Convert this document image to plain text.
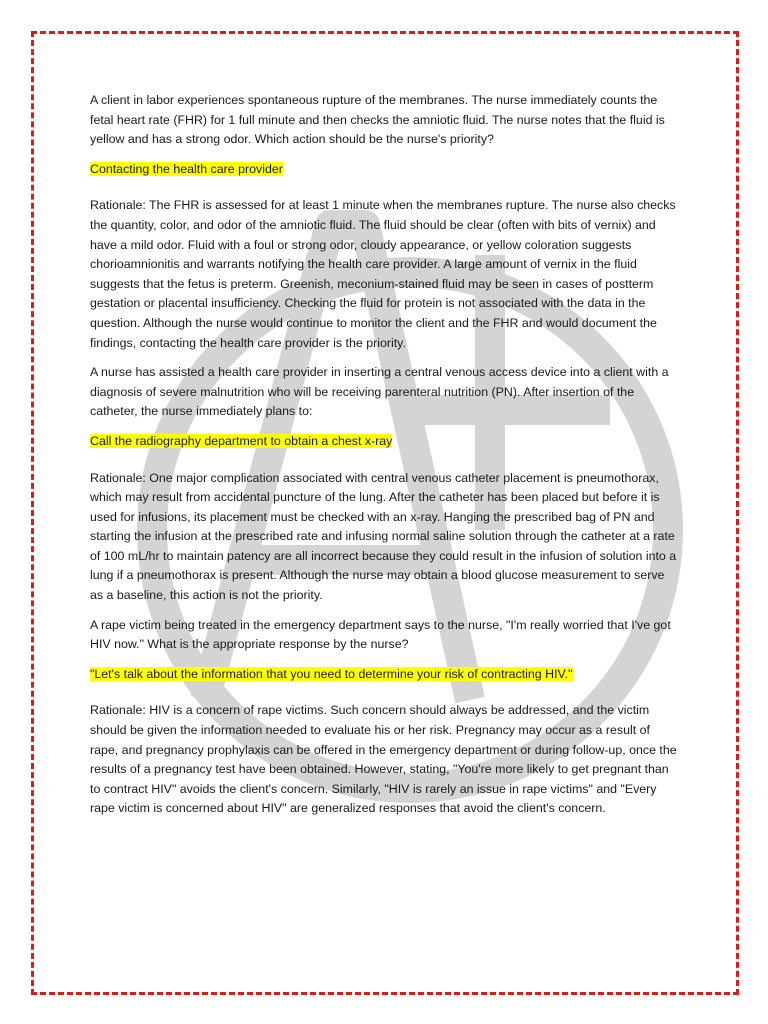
A client in labor experiences spontaneous rupture of the membranes. The nurse immediately counts the fetal heart rate (FHR) for 1 full minute and then checks the amniotic fluid. The nurse notes that the fluid is yellow and has a strong odor. Which action should be the nurse's priority?

Contacting the health care provider

Rationale: The FHR is assessed for at least 1 minute when the membranes rupture. The nurse also checks the quantity, color, and odor of the amniotic fluid. The fluid should be clear (often with bits of vernix) and have a mild odor. Fluid with a foul or strong odor, cloudy appearance, or yellow coloration suggests chorioamnionitis and warrants notifying the health care provider. A large amount of vernix in the fluid suggests that the fetus is preterm. Greenish, meconium-stained fluid may be seen in cases of postterm gestation or placental insufficiency. Checking the fluid for protein is not associated with the data in the question. Although the nurse would continue to monitor the client and the FHR and would document the findings, contacting the health care provider is the priority.

A nurse has assisted a health care provider in inserting a central venous access device into a client with a diagnosis of severe malnutrition who will be receiving parenteral nutrition (PN). After insertion of the catheter, the nurse immediately plans to:

Call the radiography department to obtain a chest x-ray

Rationale: One major complication associated with central venous catheter placement is pneumothorax, which may result from accidental puncture of the lung. After the catheter has been placed but before it is used for infusions, its placement must be checked with an x-ray. Hanging the prescribed bag of PN and starting the infusion at the prescribed rate and infusing normal saline solution through the catheter at a rate of 100 mL/hr to maintain patency are all incorrect because they could result in the infusion of solution into a lung if a pneumothorax is present. Although the nurse may obtain a blood glucose measurement to serve as a baseline, this action is not the priority.

A rape victim being treated in the emergency department says to the nurse, "I'm really worried that I've got HIV now." What is the appropriate response by the nurse?

"Let's talk about the information that you need to determine your risk of contracting HIV."

Rationale: HIV is a concern of rape victims. Such concern should always be addressed, and the victim should be given the information needed to evaluate his or her risk. Pregnancy may occur as a result of rape, and pregnancy prophylaxis can be offered in the emergency department or during follow-up, once the results of a pregnancy test have been obtained. However, stating, "You're more likely to get pregnant than to contract HIV" avoids the client's concern. Similarly, "HIV is rarely an issue in rape victims" and "Every rape victim is concerned about HIV" are generalized responses that avoid the client's concern.
